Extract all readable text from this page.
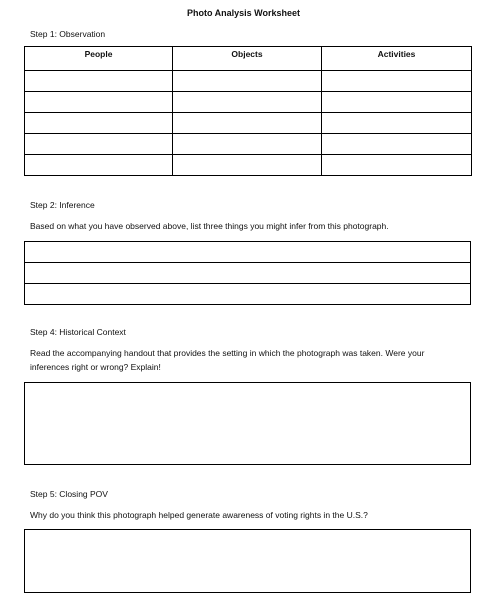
Photo Analysis Worksheet
Step 1: Observation
People	Objects	Activities

Step 2: Inference
Based on what you have observed above, list three things you might infer from this photograph.

Step 4: Historical Context
Read the accompanying handout that provides the setting in which the photograph was taken. Were your inferences right or wrong? Explain!
Step 5: Closing POV
Why do you think this photograph helped generate awareness of voting rights in the U.S.?
